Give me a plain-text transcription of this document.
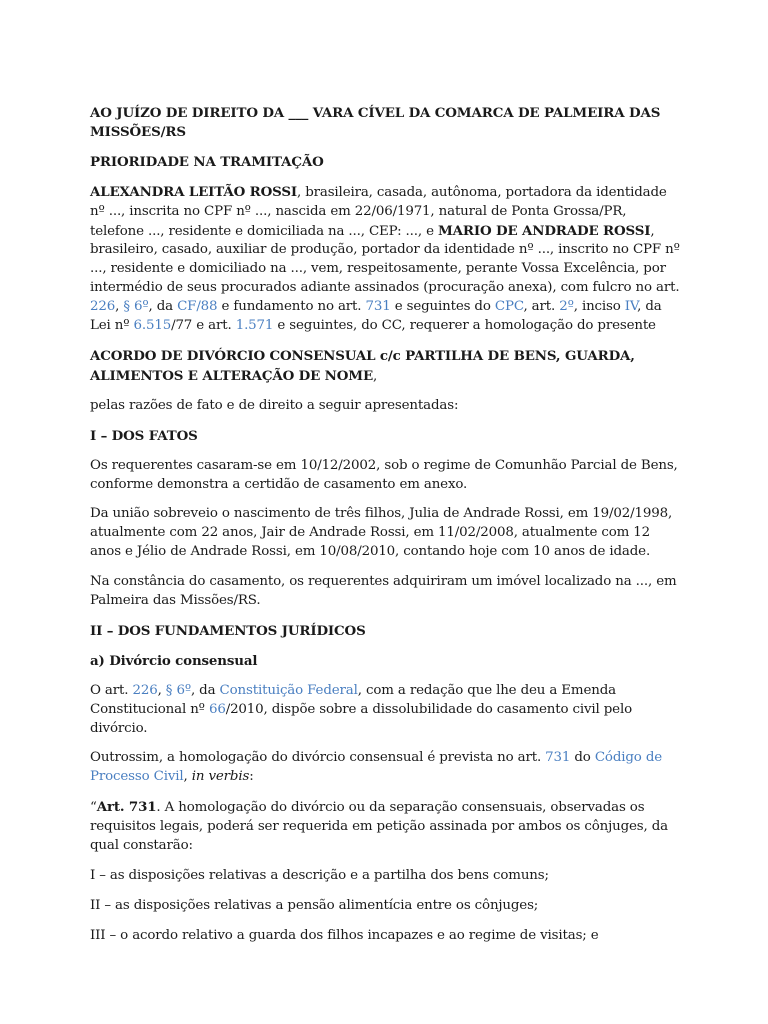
AO JUÍZO DE DIREITO DA ___ VARA CÍVEL DA COMARCA DE PALMEIRA DAS MISSÕES/RS

PRIORIDADE NA TRAMITAÇÃO

ALEXANDRA LEITÃO ROSSI, brasileira, casada, autônoma, portadora da identidade nº ..., inscrita no CPF nº ..., nascida em 22/06/1971, natural de Ponta Grossa/PR, telefone ..., residente e domiciliada na ..., CEP: ..., e MARIO DE ANDRADE ROSSI, brasileiro, casado, auxiliar de produção, portador da identidade nº ..., inscrito no CPF nº ..., residente e domiciliado na ..., vem, respeitosamente, perante Vossa Excelência, por intermédio de seus procurados adiante assinados (procuração anexa), com fulcro no art. 226, § 6º, da CF/88 e fundamento no art. 731 e seguintes do CPC, art. 2º, inciso IV, da Lei nº 6.515/77 e art. 1.571 e seguintes, do CC, requerer a homologação do presente

ACORDO DE DIVÓRCIO CONSENSUAL c/c PARTILHA DE BENS, GUARDA, ALIMENTOS E ALTERAÇÃO DE NOME,

pelas razões de fato e de direito a seguir apresentadas:

I – DOS FATOS

Os requerentes casaram-se em 10/12/2002, sob o regime de Comunhão Parcial de Bens, conforme demonstra a certidão de casamento em anexo.

Da união sobreveio o nascimento de três filhos, Julia de Andrade Rossi, em 19/02/1998, atualmente com 22 anos, Jair de Andrade Rossi, em 11/02/2008, atualmente com 12 anos e Jélio de Andrade Rossi, em 10/08/2010, contando hoje com 10 anos de idade.

Na constância do casamento, os requerentes adquiriram um imóvel localizado na ..., em Palmeira das Missões/RS.

II – DOS FUNDAMENTOS JURÍDICOS

a) Divórcio consensual

O art. 226, § 6º, da Constituição Federal, com a redação que lhe deu a Emenda Constitucional nº 66/2010, dispõe sobre a dissolubilidade do casamento civil pelo divórcio.

Outrossim, a homologação do divórcio consensual é prevista no art. 731 do Código de Processo Civil, in verbis:

“Art. 731. A homologação do divórcio ou da separação consensuais, observadas os requisitos legais, poderá ser requerida em petição assinada por ambos os cônjuges, da qual constarão:

I – as disposições relativas a descrição e a partilha dos bens comuns;

II – as disposições relativas a pensão alimentícia entre os cônjuges;

III – o acordo relativo a guarda dos filhos incapazes e ao regime de visitas; e
